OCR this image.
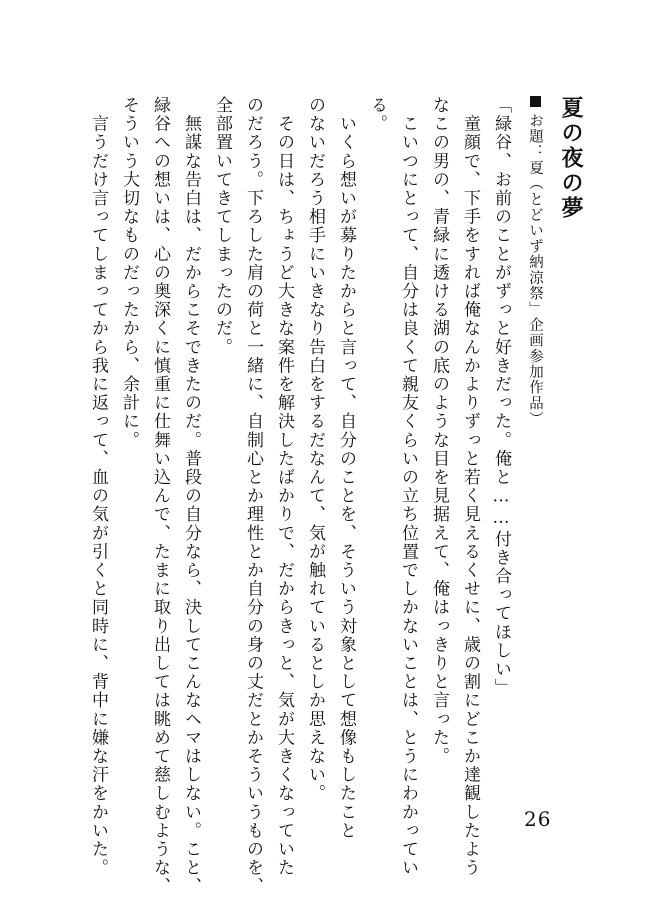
夏の夜の夢
お題：夏（とどいず納涼祭」企画参加作品）
「緑谷、お前のことがずっと好きだった。俺と……付き合ってほしい」
　童顔で、下手をすれば俺なんかよりずっと若く見えるくせに、歳の割にどこか達観したよう
なこの男の、青緑に透ける湖の底のような目を見据えて、俺はっきりと言った。
　こいつにとって、自分は良くて親友くらいの立ち位置でしかないことは、とうにわかってい
る。
　いくら想いが募りたからと言って、自分のことを、そういう対象として想像もしたこと
のないだろう相手にいきなり告白をするだなんて、気が触れているとしか思えない。
　その日は、ちょうど大きな案件を解決したばかりで、だからきっと、気が大きくなっていた
のだろう。下ろした肩の荷と一緒に、自制心とか理性とか自分の身の丈だとかそういうものを、
全部置いてきてしまったのだ。
　無謀な告白は、だからこそできたのだ。普段の自分なら、決してこんなヘマはしない。こと、
緑谷への想いは、心の奥深くに慎重に仕舞い込んで、たまに取り出しては眺めて慈しむような、
そういう大切なものだったから、余計に。
　言うだけ言ってしまってから我に返って、血の気が引くと同時に、背中に嫌な汗をかいた。	26
